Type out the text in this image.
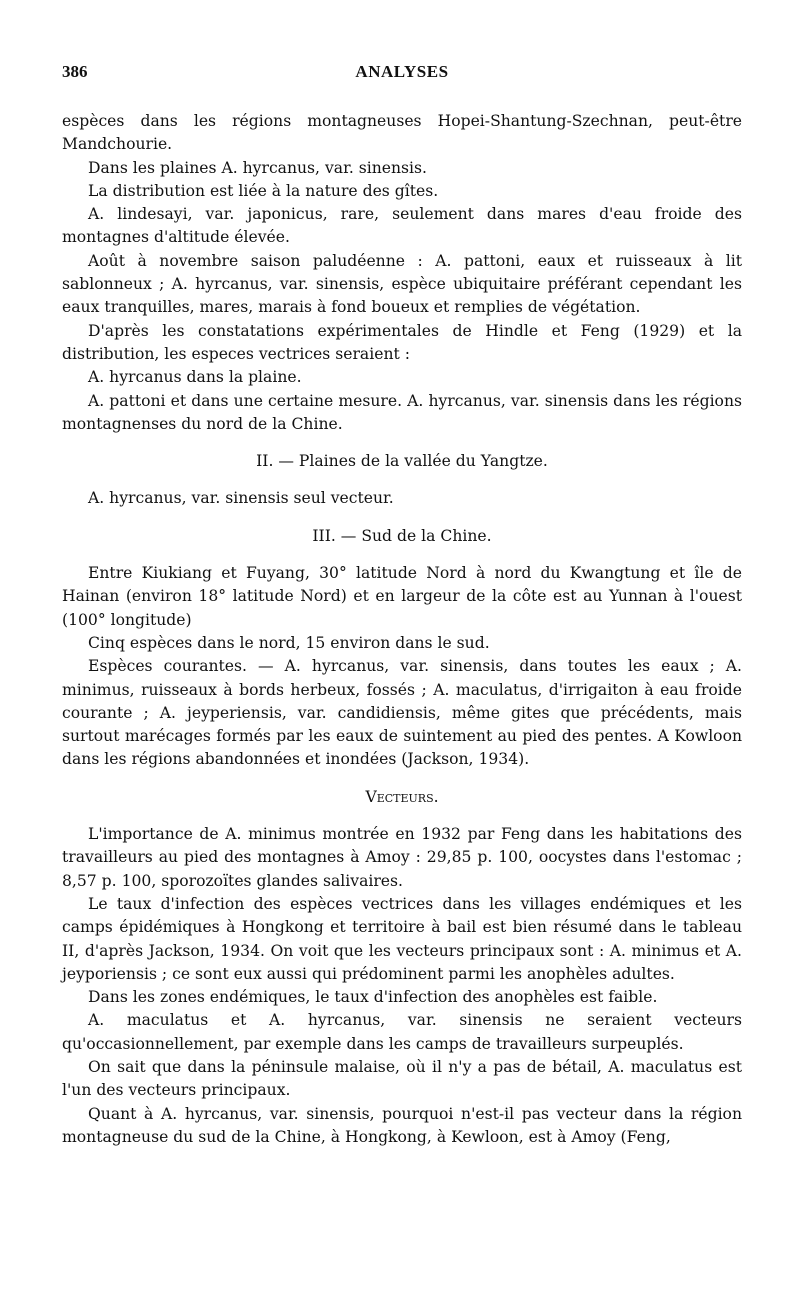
386	ANALYSES

espèces dans les régions montagneuses Hopei-Shantung-Szechnan, peut-être Mandchourie.

Dans les plaines A. hyrcanus, var. sinensis.

La distribution est liée à la nature des gîtes.

A. lindesayi, var. japonicus, rare, seulement dans mares d'eau froide des montagnes d'altitude élevée.

Août à novembre saison paludéenne : A. pattoni, eaux et ruisseaux à lit sablonneux ; A. hyrcanus, var. sinensis, espèce ubiquitaire préférant cependant les eaux tranquilles, mares, marais à fond boueux et remplies de végétation.

D'après les constatations expérimentales de Hindle et Feng (1929) et la distribution, les especes vectrices seraient :

A. hyrcanus dans la plaine.

A. pattoni et dans une certaine mesure. A. hyrcanus, var. sinensis dans les régions montagnenses du nord de la Chine.

II. — Plaines de la vallée du Yangtze.

A. hyrcanus, var. sinensis seul vecteur.

III. — Sud de la Chine.

Entre Kiukiang et Fuyang, 30° latitude Nord à nord du Kwangtung et île de Hainan (environ 18° latitude Nord) et en largeur de la côte est au Yunnan à l'ouest (100° longitude)

Cinq espèces dans le nord, 15 environ dans le sud.

Espèces courantes. — A. hyrcanus, var. sinensis, dans toutes les eaux ; A. minimus, ruisseaux à bords herbeux, fossés ; A. maculatus, d'irrigaiton à eau froide courante ; A. jeyperiensis, var. candidiensis, même gites que précédents, mais surtout marécages formés par les eaux de suintement au pied des pentes. A Kowloon dans les régions abandonnées et inondées (Jackson, 1934).

Vecteurs.

L'importance de A. minimus montrée en 1932 par Feng dans les habitations des travailleurs au pied des montagnes à Amoy : 29,85 p. 100, oocystes dans l'estomac ; 8,57 p. 100, sporozoïtes glandes salivaires.

Le taux d'infection des espèces vectrices dans les villages endémiques et les camps épidémiques à Hongkong et territoire à bail est bien résumé dans le tableau II, d'après Jackson, 1934. On voit que les vecteurs principaux sont : A. minimus et A. jeyporiensis ; ce sont eux aussi qui prédominent parmi les anophèles adultes.

Dans les zones endémiques, le taux d'infection des anophèles est faible.

A. maculatus et A. hyrcanus, var. sinensis ne seraient vecteurs qu'occasionnellement, par exemple dans les camps de travailleurs surpeuplés.

On sait que dans la péninsule malaise, où il n'y a pas de bétail, A. maculatus est l'un des vecteurs principaux.

Quant à A. hyrcanus, var. sinensis, pourquoi n'est-il pas vecteur dans la région montagneuse du sud de la Chine, à Hongkong, à Kewloon, est à Amoy (Feng,
